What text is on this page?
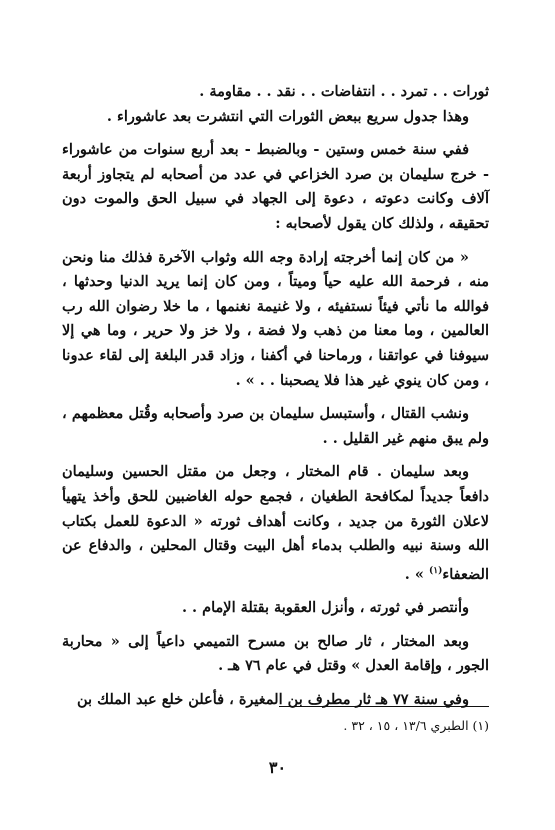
ثورات . . تمرد . . انتفاضات . . نقد . . مقاومة .

وهذا جدول سريع ببعض الثورات التي انتشرت بعد عاشوراء .

ففي سنة خمس وستين - وبالضبط - بعد أربع سنوات من عاشوراء - خرج سليمان بن صرد الخزاعي في عدد من أصحابه لم يتجاوز أربعة آلاف وكانت دعوته ، دعوة إلى الجهاد في سبيل الحق والموت دون تحقيقه ، ولذلك كان يقول لأصحابه :

« من كان إنما أخرجته إرادة وجه الله وثواب الآخرة فذلك منا ونحن منه ، فرحمة الله عليه حياً وميتاً ، ومن كان إنما يريد الدنيا وحدثها ، فوالله ما نأتي فيئاً نستفيئه ، ولا غنيمة نغنمها ، ما خلا رضوان الله رب العالمين ، وما معنا من ذهب ولا فضة ، ولا خز ولا حرير ، وما هي إلا سيوفنا في عواتقنا ، ورماحنا في أكفنا ، وزاد قدر البلغة إلى لقاء عدونا ، ومن كان ينوي غير هذا فلا يصحبنا . . » .

ونشب القتال ، وأستبسل سليمان بن صرد وأصحابه وقُتل معظمهم ، ولم يبق منهم غير القليل . .

وبعد سليمان . قام المختار ، وجعل من مقتل الحسين وسليمان دافعاً جديداً لمكافحة الطغيان ، فجمع حوله الغاضبين للحق وأخذ يتهيأ لاعلان الثورة من جديد ، وكانت أهداف ثورته « الدعوة للعمل بكتاب الله وسنة نبيه والطلب بدماء أهل البيت وقتال المحلين ، والدفاع عن الضعفاء$^{(١)}$ » .

وأنتصر في ثورته ، وأنزل العقوبة بقتلة الإمام . .

وبعد المختار ، ثار صالح بن مسرح التميمي داعياً إلى « محاربة الجور ، وإقامة العدل » وقتل في عام ٧٦ هـ .

وفي سنة ٧٧ هـ ثار مطرف بن المغيرة ، فأعلن خلع عبد الملك بن

(١) الطبري ١٣/٦ ، ١٥ ، ٣٢ .
٣٠
